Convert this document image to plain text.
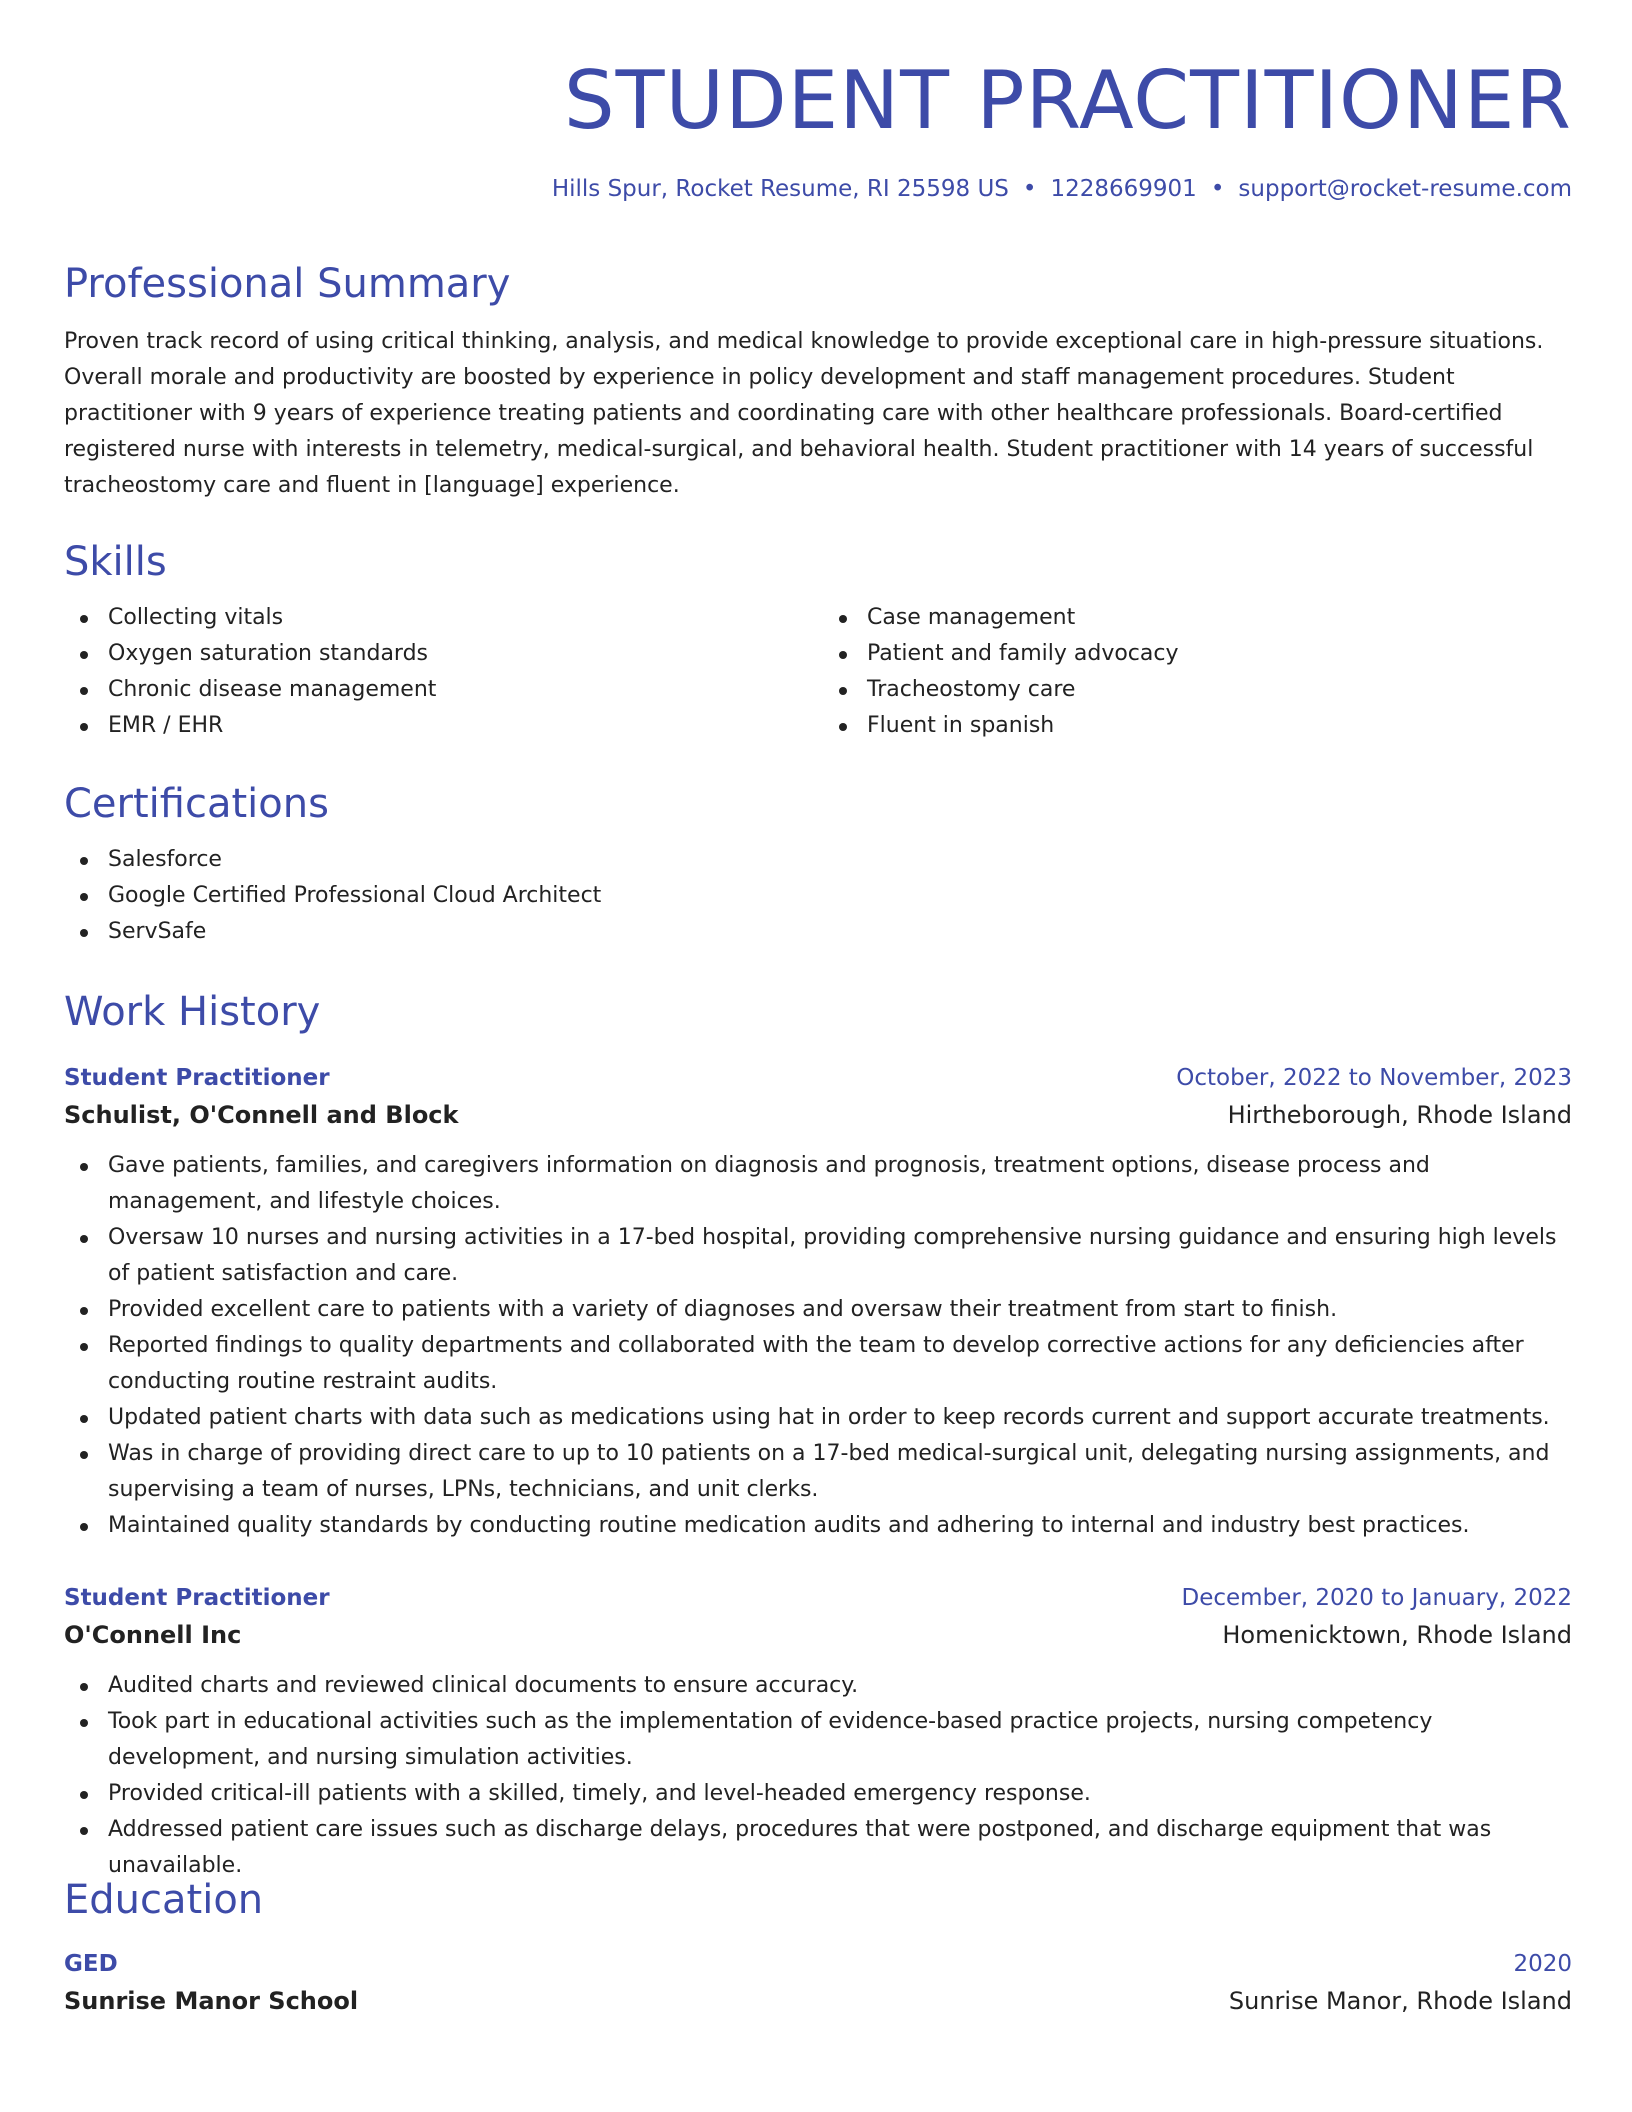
STUDENT PRACTITIONER
Hills Spur, Rocket Resume, RI 25598 US • 1228669901 • support@rocket-resume.com
Professional Summary

Proven track record of using critical thinking, analysis, and medical knowledge to provide exceptional care in high-pressure situations. Overall morale and productivity are boosted by experience in policy development and staff management procedures. Student practitioner with 9 years of experience treating patients and coordinating care with other healthcare professionals. Board-certified registered nurse with interests in telemetry, medical-surgical, and behavioral health. Student practitioner with 14 years of successful tracheostomy care and fluent in [language] experience.

Skills
Collecting vitals
Oxygen saturation standards
Chronic disease management
EMR / EHR
Case management
Patient and family advocacy
Tracheostomy care
Fluent in spanish
Certifications
Salesforce
Google Certified Professional Cloud Architect
ServSafe
Work History
Student Practitioner	October, 2022 to November, 2023
Schulist, O'Connell and Block	Hirtheborough, Rhode Island
Gave patients, families, and caregivers information on diagnosis and prognosis, treatment options, disease process and management, and lifestyle choices.
Oversaw 10 nurses and nursing activities in a 17-bed hospital, providing comprehensive nursing guidance and ensuring high levels of patient satisfaction and care.
Provided excellent care to patients with a variety of diagnoses and oversaw their treatment from start to finish.
Reported findings to quality departments and collaborated with the team to develop corrective actions for any deficiencies after conducting routine restraint audits.
Updated patient charts with data such as medications using hat in order to keep records current and support accurate treatments.
Was in charge of providing direct care to up to 10 patients on a 17-bed medical-surgical unit, delegating nursing assignments, and supervising a team of nurses, LPNs, technicians, and unit clerks.
Maintained quality standards by conducting routine medication audits and adhering to internal and industry best practices.
Student Practitioner	December, 2020 to January, 2022
O'Connell Inc	Homenicktown, Rhode Island
Audited charts and reviewed clinical documents to ensure accuracy.
Took part in educational activities such as the implementation of evidence-based practice projects, nursing competency development, and nursing simulation activities.
Provided critical-ill patients with a skilled, timely, and level-headed emergency response.
Addressed patient care issues such as discharge delays, procedures that were postponed, and discharge equipment that was unavailable.
Education
GED	2020
Sunrise Manor School	Sunrise Manor, Rhode Island
